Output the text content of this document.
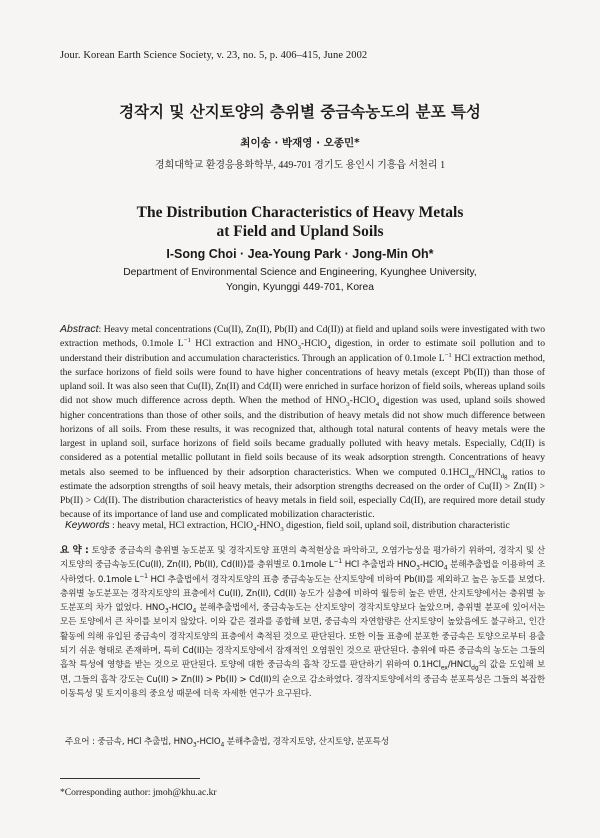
Jour. Korean Earth Science Society, v. 23, no. 5, p. 406–415, June 2002
경작지 및 산지토양의 층위별 중금속농도의 분포 특성
최이송 · 박재영 · 오종민*
경희대학교 환경응용화학부, 449-701 경기도 용인시 기흥읍 서천리 1
The Distribution Characteristics of Heavy Metals
at Field and Upland Soils
I-Song Choi · Jea-Young Park · Jong-Min Oh*
Department of Environmental Science and Engineering, Kyunghee University,
Yongin, Kyunggi 449-701, Korea
Abstract: Heavy metal concentrations (Cu(II), Zn(II), Pb(II) and Cd(II)) at field and upland soils were investigated with two extraction methods, 0.1mole $L^{-1}$ HCl extraction and $HNO_3-HClO_4$ digestion, in order to estimate soil pollution and to understand their distribution and accumulation characteristics. Through an application of 0.1mole $L^{-1}$ HCl extraction method, the surface horizons of field soils were found to have higher concentrations of heavy metals (except Pb(II)) than those of upland soil. It was also seen that Cu(II), Zn(II) and Cd(II) were enriched in surface horizon of field soils, whereas upland soils did not show much difference across depth. When the method of $HNO_3-HClO_4$ digestion was used, upland soils showed higher concentrations than those of other soils, and the distribution of heavy metals did not show much difference between horizons of all soils. From these results, it was recognized that, although total natural contents of heavy metals were the largest in upland soil, surface horizons of field soils became gradually polluted with heavy metals. Especially, Cd(II) is considered as a potential metallic pollutant in field soils because of its weak adsorption strength. Concentrations of heavy metals also seemed to be influenced by their adsorption characteristics. When we computed 0.1HCl$_{ex}$/HNCl$_{dg}$ ratios to estimate the adsorption strengths of soil heavy metals, their adsorption strengths decreased on the order of Cu(II) > Zn(II) > Pb(II) > Cd(II). The distribution characteristics of heavy metals in field soil, especially Cd(II), are required more detail study because of its importance of land use and complicated mobilization characteristic.
Keywords : heavy metal, HCl extraction, $HClO_4-HNO_3$ digestion, field soil, upland soil, distribution characteristic
요 약 : 토양중 중금속의 층위별 농도분포 및 경작지토양 표면의 축적현상을 파악하고, 오염가능성을 평가하기 위하여, 경작지 및 산지토양의 중금속농도(Cu(II), Zn(II), Pb(II), Cd(II))를 층위별로 0.1mole $L^{-1}$ HCl 추출법과 $HNO_3-HClO_4$ 분해추출법을 이용하여 조사하였다. 0.1mole $L^{-1}$ HCl 추출법에서 경작지토양의 표층 중금속농도는 산지토양에 비하여 Pb(II)를 제외하고 높은 농도를 보였다. 층위별 농도분포는 경작지토양의 표층에서 Cu(II), Zn(II), Cd(II) 농도가 심층에 비하여 월등히 높은 반면, 산지토양에서는 층위별 농도분포의 차가 없었다. $HNO_3-HClO_4$ 분해추출법에서, 중금속농도는 산지토양이 경작지토양보다 높았으며, 층위별 분포에 있어서는 모든 토양에서 큰 차이를 보이지 않았다. 이와 같은 결과를 종합해 보면, 중금속의 자연함량은 산지토양이 높았음에도 불구하고, 인간활동에 의해 유입된 중금속이 경작지토양의 표층에서 축적된 것으로 판단된다. 또한 이들 표층에 분포한 중금속은 토양으로부터 용출되기 쉬운 형태로 존재하며, 특히 Cd(II)는 경작지토양에서 잠재적인 오염원인 것으로 판단된다. 층위에 따른 중금속의 농도는 그들의 흡착 특성에 영향을 받는 것으로 판단된다. 토양에 대한 중금속의 흡착 강도를 판단하기 위하여 0.1HCl$_{ex}$/HNCl$_{dg}$의 값을 도입해 보면, 그들의 흡착 강도는 Cu(II) > Zn(II) > Pb(II) > Cd(II)의 순으로 감소하였다. 경작지토양에서의 중금속 분포특성은 그들의 복잡한 이동특성 및 토지이용의 중요성 때문에 더욱 자세한 연구가 요구된다.
주요어 : 중금속, HCl 추출법, $HNO_3-HClO_4$ 분해추출법, 경작지토양, 산지토양, 분포특성
*Corresponding author: jmoh@khu.ac.kr
